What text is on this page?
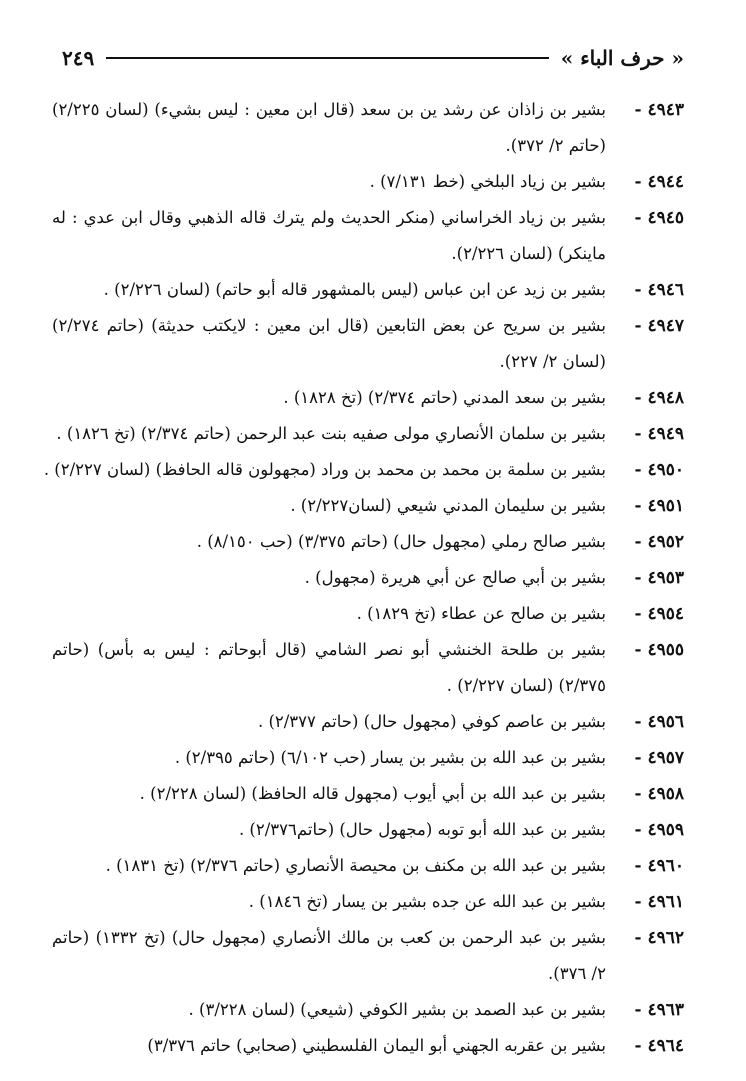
« حرف الباء »
٢٤٩
٤٩٤٣ -
بشير بن زاذان عن رشد ين بن سعد (قال ابن معين : ليس بشيء) (لسان ٢/٢٢٥) (حاتم ٢/ ٣٧٢).
٤٩٤٤ -
بشير بن زياد البلخي (خط ٧/١٣١) .
٤٩٤٥ -
بشير بن زياد الخراساني (منكر الحديث ولم يترك قاله الذهبي وقال ابن عدي : له ماينكر) (لسان ٢/٢٢٦).
٤٩٤٦ -
بشير بن زيد عن ابن عباس (ليس بالمشهور قاله أبو حاتم) (لسان ٢/٢٢٦) .
٤٩٤٧ -
بشير بن سريح عن بعض التابعين (قال ابن معين : لايكتب حديثة) (حاتم ٢/٢٧٤) (لسان ٢/ ٢٢٧).
٤٩٤٨ -
بشير بن سعد المدني (حاتم ٢/٣٧٤) (تخ ١٨٢٨) .
٤٩٤٩ -
بشير بن سلمان الأنصاري مولى صفيه بنت عبد الرحمن (حاتم ٢/٣٧٤) (تخ ١٨٢٦) .
٤٩٥٠ -
بشير بن سلمة بن محمد بن محمد بن وراد (مجهولون قاله الحافظ) (لسان ٢/٢٢٧) .
٤٩٥١ -
بشير بن سليمان المدني شيعي (لسان٢/٢٢٧) .
٤٩٥٢ -
بشير صالح رملي (مجهول حال) (حاتم ٣/٣٧٥) (حب ٨/١٥٠) .
٤٩٥٣ -
بشير بن أبي صالح عن أبي هريرة (مجهول) .
٤٩٥٤ -
بشير بن صالح عن عطاء (تخ ١٨٢٩) .
٤٩٥٥ -
بشير بن طلحة الخنشي أبو نصر الشامي (قال أبوحاتم : ليس به بأس) (حاتم ٢/٣٧٥) (لسان ٢/٢٢٧) .
٤٩٥٦ -
بشير بن عاصم كوفي (مجهول حال) (حاتم ٢/٣٧٧) .
٤٩٥٧ -
بشير بن عبد الله بن بشير بن يسار (حب ٦/١٠٢) (حاتم ٢/٣٩٥) .
٤٩٥٨ -
بشير بن عبد الله بن أبي أيوب (مجهول قاله الحافظ) (لسان ٢/٢٢٨) .
٤٩٥٩ -
بشير بن عبد الله أبو توبه (مجهول حال) (حاتم٢/٣٧٦) .
٤٩٦٠ -
بشير بن عبد الله بن مكنف بن محيصة الأنصاري (حاتم ٢/٣٧٦) (تخ ١٨٣١) .
٤٩٦١ -
بشير بن عبد الله عن جده بشير بن يسار (تخ ١٨٤٦) .
٤٩٦٢ -
بشير بن عبد الرحمن بن كعب بن مالك الأنصاري (مجهول حال) (تخ ١٣٣٢) (حاتم ٢/ ٣٧٦).
٤٩٦٣ -
بشير بن عبد الصمد بن بشير الكوفي (شيعي) (لسان ٣/٢٢٨) .
٤٩٦٤ -
بشير بن عقربه الجهني أبو اليمان الفلسطيني (صحابي) حاتم ٣/٣٧٦)
